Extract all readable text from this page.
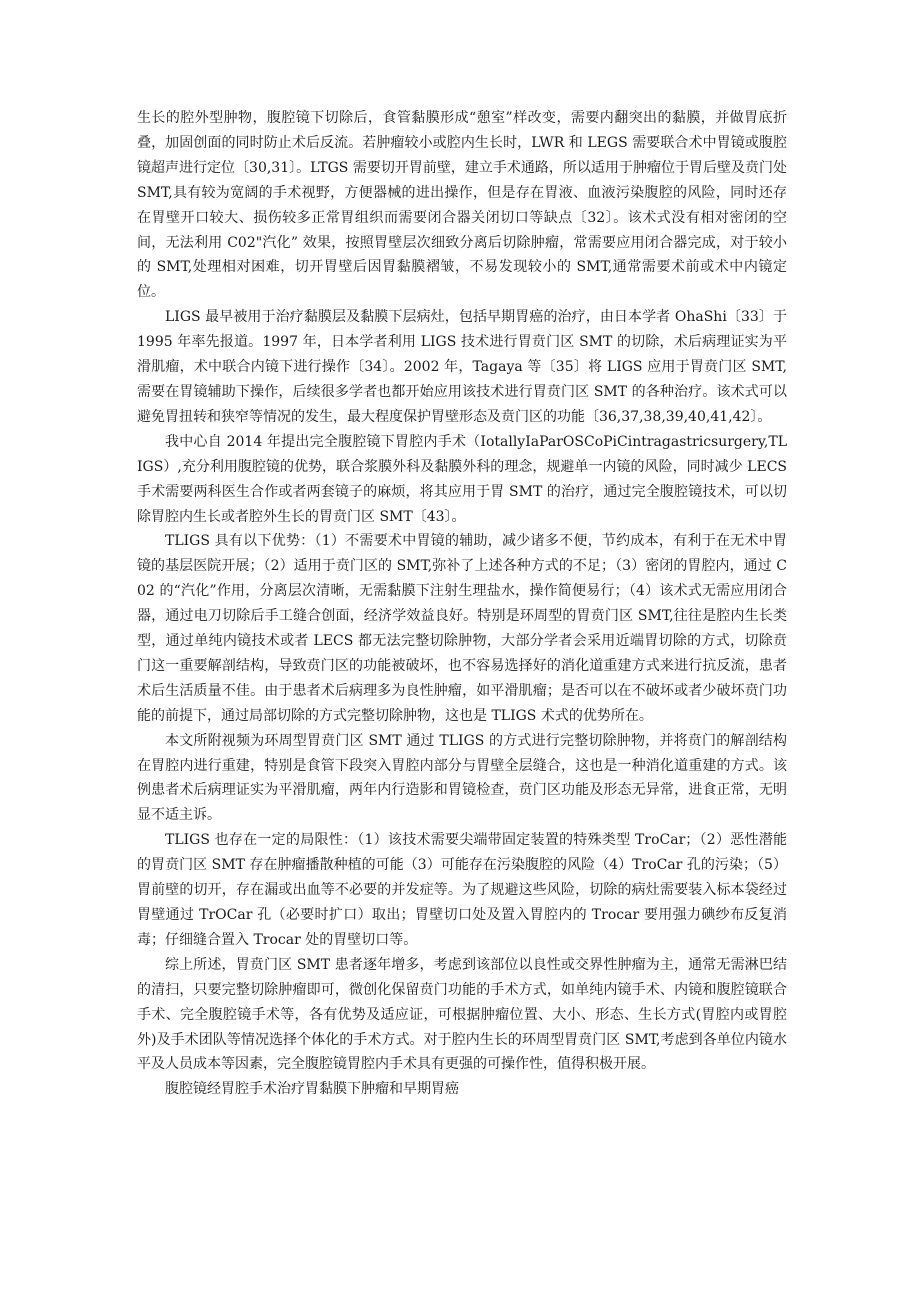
生长的腔外型肿物，腹腔镜下切除后，食管黏膜形成“憩室”样改变，需要内翻突出的黏膜，并做胃底折叠，加固创面的同时防止术后反流。若肿瘤较小或腔内生长时，LWR 和 LEGS 需要联合术中胃镜或腹腔镜超声进行定位〔30,31〕。LTGS 需要切开胃前壁，建立手术通路，所以适用于肿瘤位于胃后壁及贲门处 SMT,具有较为宽阔的手术视野，方便器械的进出操作，但是存在胃液、血液污染腹腔的风险，同时还存在胃壁开口较大、损伤较多正常胃组织而需要闭合器关闭切口等缺点〔32〕。该术式没有相对密闭的空间，无法利用 C02"汽化” 效果，按照胃壁层次细致分离后切除肿瘤，常需要应用闭合器完成，对于较小的 SMT,处理相对困难，切开胃壁后因胃黏膜褶皱，不易发现较小的 SMT,通常需要术前或术中内镜定位。

LIGS 最早被用于治疗黏膜层及黏膜下层病灶，包括早期胃癌的治疗，由日本学者 OhaShi〔33〕于 1995 年率先报道。1997 年，日本学者利用 LIGS 技术进行胃贲门区 SMT 的切除，术后病理证实为平滑肌瘤，术中联合内镜下进行操作〔34〕。2002 年，Tagaya 等〔35〕将 LIGS 应用于胃贲门区 SMT,需要在胃镜辅助下操作，后续很多学者也都开始应用该技术进行胃贲门区 SMT 的各种治疗。该术式可以避免胃扭转和狭窄等情况的发生，最大程度保护胃壁形态及贲门区的功能〔36,37,38,39,40,41,42〕。

我中心自 2014 年提出完全腹腔镜下胃腔内手术（IotallyIaParOSCoPiCintragastricsurgery,TLIGS）,充分利用腹腔镜的优势，联合浆膜外科及黏膜外科的理念，规避单一内镜的风险，同时减少 LECS 手术需要两科医生合作或者两套镜子的麻烦，将其应用于胃 SMT 的治疗，通过完全腹腔镜技术，可以切除胃腔内生长或者腔外生长的胃贲门区 SMT〔43〕。

TLIGS 具有以下优势：（1）不需要术中胃镜的辅助，减少诸多不便，节约成本，有利于在无术中胃镜的基层医院开展；（2）适用于贲门区的 SMT,弥补了上述各种方式的不足；（3）密闭的胃腔内，通过 C02 的“汽化”作用，分离层次清晰，无需黏膜下注射生理盐水，操作简便易行；（4）该术式无需应用闭合器，通过电刀切除后手工缝合创面，经济学效益良好。特别是环周型的胃贲门区 SMT,往往是腔内生长类型，通过单纯内镜技术或者 LECS 都无法完整切除肿物，大部分学者会采用近端胃切除的方式，切除贲门这一重要解剖结构，导致贲门区的功能被破坏，也不容易选择好的消化道重建方式来进行抗反流，患者术后生活质量不佳。由于患者术后病理多为良性肿瘤，如平滑肌瘤；是否可以在不破坏或者少破坏贲门功能的前提下，通过局部切除的方式完整切除肿物，这也是 TLIGS 术式的优势所在。

本文所附视频为环周型胃贲门区 SMT 通过 TLIGS 的方式进行完整切除肿物，并将贲门的解剖结构在胃腔内进行重建，特别是食管下段突入胃腔内部分与胃壁全层缝合，这也是一种消化道重建的方式。该例患者术后病理证实为平滑肌瘤，两年内行造影和胃镜检查，贲门区功能及形态无异常，进食正常，无明显不适主诉。

TLIGS 也存在一定的局限性：（1）该技术需要尖端带固定装置的特殊类型 TroCar；（2）恶性潜能的胃贲门区 SMT 存在肿瘤播散种植的可能（3）可能存在污染腹腔的风险（4）TroCar 孔的污染；（5）胃前壁的切开，存在漏或出血等不必要的并发症等。为了规避这些风险，切除的病灶需要装入标本袋经过胃壁通过 TrOCar 孔（必要时扩口）取出；胃壁切口处及置入胃腔内的 Trocar 要用强力碘纱布反复消毒；仔细缝合置入 Trocar 处的胃壁切口等。

综上所述，胃贲门区 SMT 患者逐年增多，考虑到该部位以良性或交界性肿瘤为主，通常无需淋巴结的清扫，只要完整切除肿瘤即可，微创化保留贲门功能的手术方式，如单纯内镜手术、内镜和腹腔镜联合手术、完全腹腔镜手术等，各有优势及适应证，可根据肿瘤位置、大小、形态、生长方式(胃腔内或胃腔外)及手术团队等情况选择个体化的手术方式。对于腔内生长的环周型胃贲门区 SMT,考虑到各单位内镜水平及人员成本等因素，完全腹腔镜胃腔内手术具有更强的可操作性，值得积极开展。

腹腔镜经胃腔手术治疗胃黏膜下肿瘤和早期胃癌
